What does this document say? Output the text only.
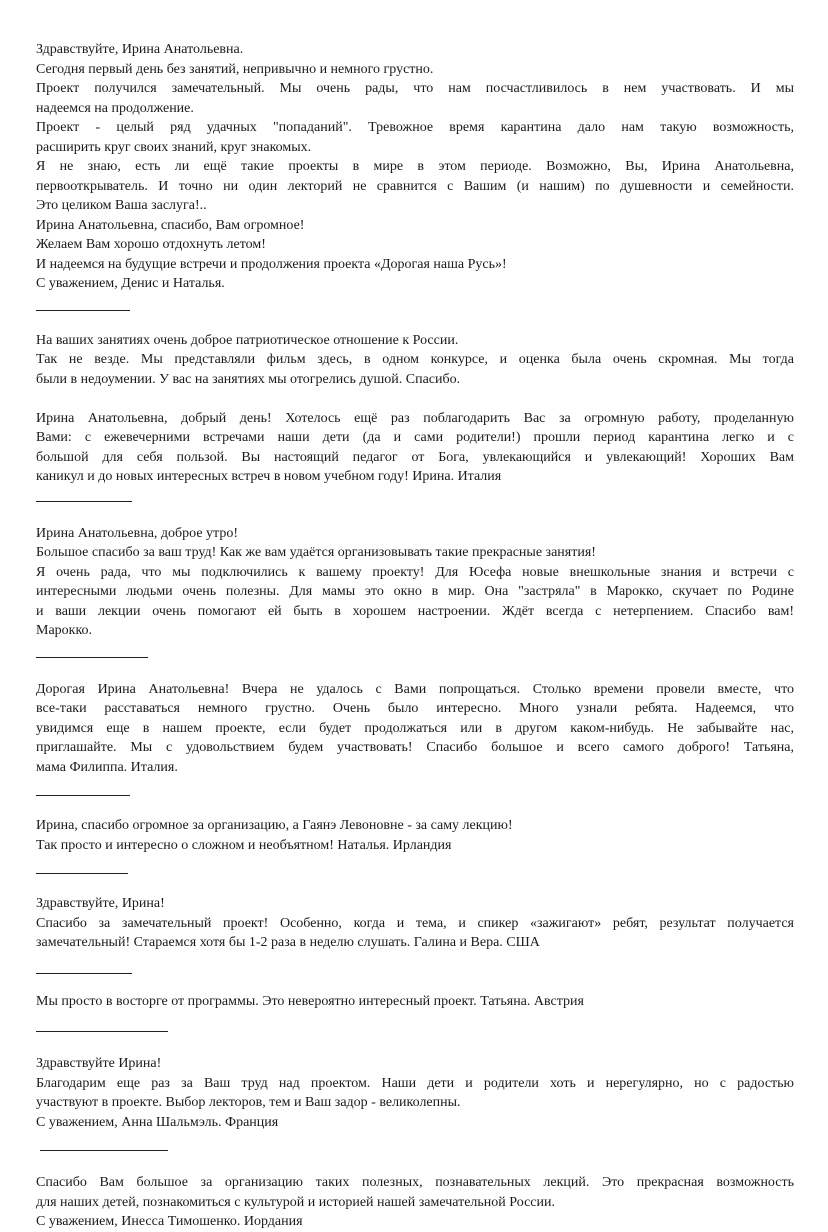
Здравствуйте, Ирина Анатольевна.
Сегодня первый день без занятий, непривычно и немного грустно.
Проект получился замечательный. Мы очень рады, что нам посчастливилось в нем участвовать. И мы
надеемся на продолжение.
Проект - целый ряд удачных "попаданий". Тревожное время карантина дало нам такую возможность,
расширить круг своих знаний, круг знакомых.
Я не знаю, есть ли ещё такие проекты в мире в этом периоде. Возможно, Вы, Ирина Анатольевна,
первооткрыватель. И точно ни один лекторий не сравнится с Вашим (и нашим) по душевности и семейности.
Это целиком Ваша заслуга!..
Ирина Анатольевна, спасибо, Вам огромное!
Желаем Вам хорошо отдохнуть летом!
И надеемся на будущие встречи и продолжения проекта «Дорогая наша Русь»!
С уважением, Денис и Наталья.
На ваших занятиях очень доброе патриотическое отношение к России.
Так не везде. Мы представляли фильм здесь, в одном конкурсе, и оценка была очень скромная. Мы тогда
были в недоумении. У вас на занятиях мы отогрелись душой. Спасибо.
Ирина Анатольевна, добрый день! Хотелось ещё раз поблагодарить Вас за огромную работу, проделанную
Вами: с ежевечерними встречами наши дети (да и сами родители!) прошли период карантина легко и с
большой для себя пользой. Вы настоящий педагог от Бога, увлекающийся и увлекающий! Хороших Вам
каникул и до новых интересных встреч в новом учебном году! Ирина. Италия
Ирина Анатольевна, доброе утро!
Большое спасибо за ваш труд! Как же вам удаётся организовывать такие прекрасные занятия!
Я очень рада, что мы подключились к вашему проекту! Для Юсефа новые внешкольные знания и встречи с
интересными людьми очень полезны. Для мамы это окно в мир. Она "застряла" в Марокко, скучает по Родине
и ваши лекции очень помогают ей быть в хорошем настроении. Ждёт всегда с нетерпением. Спасибо вам!
Марокко.
Дорогая Ирина Анатольевна! Вчера не удалось с Вами попрощаться. Столько времени провели вместе, что
все-таки расставаться немного грустно. Очень было интересно. Много узнали ребята. Надеемся, что
увидимся еще в нашем проекте, если будет продолжаться или в другом каком-нибудь. Не забывайте нас,
приглашайте. Мы с удовольствием будем участвовать! Спасибо большое и всего самого доброго! Татьяна,
мама Филиппа. Италия.
Ирина, спасибо огромное за организацию, а Гаянэ Левоновне - за саму лекцию!
Так просто и интересно о сложном и необъятном! Наталья. Ирландия
Здравствуйте, Ирина!
Спасибо за замечательный проект! Особенно, когда и тема, и спикер «зажигают» ребят, результат получается
замечательный! Стараемся хотя бы 1-2 раза в неделю слушать. Галина и Вера. США
Мы просто в восторге от программы. Это невероятно интересный проект. Татьяна. Австрия
Здравствуйте Ирина!
Благодарим еще раз за Ваш труд над проектом. Наши дети и родители хоть и нерегулярно, но с радостью
участвуют в проекте. Выбор лекторов, тем и Ваш задор - великолепны.
С уважением, Анна Шальмэль. Франция
Спасибо Вам большое за организацию таких полезных, познавательных лекций. Это прекрасная возможность
для наших детей, познакомиться с культурой и историей нашей замечательной России.
С уважением, Инесса Тимошенко. Иордания
